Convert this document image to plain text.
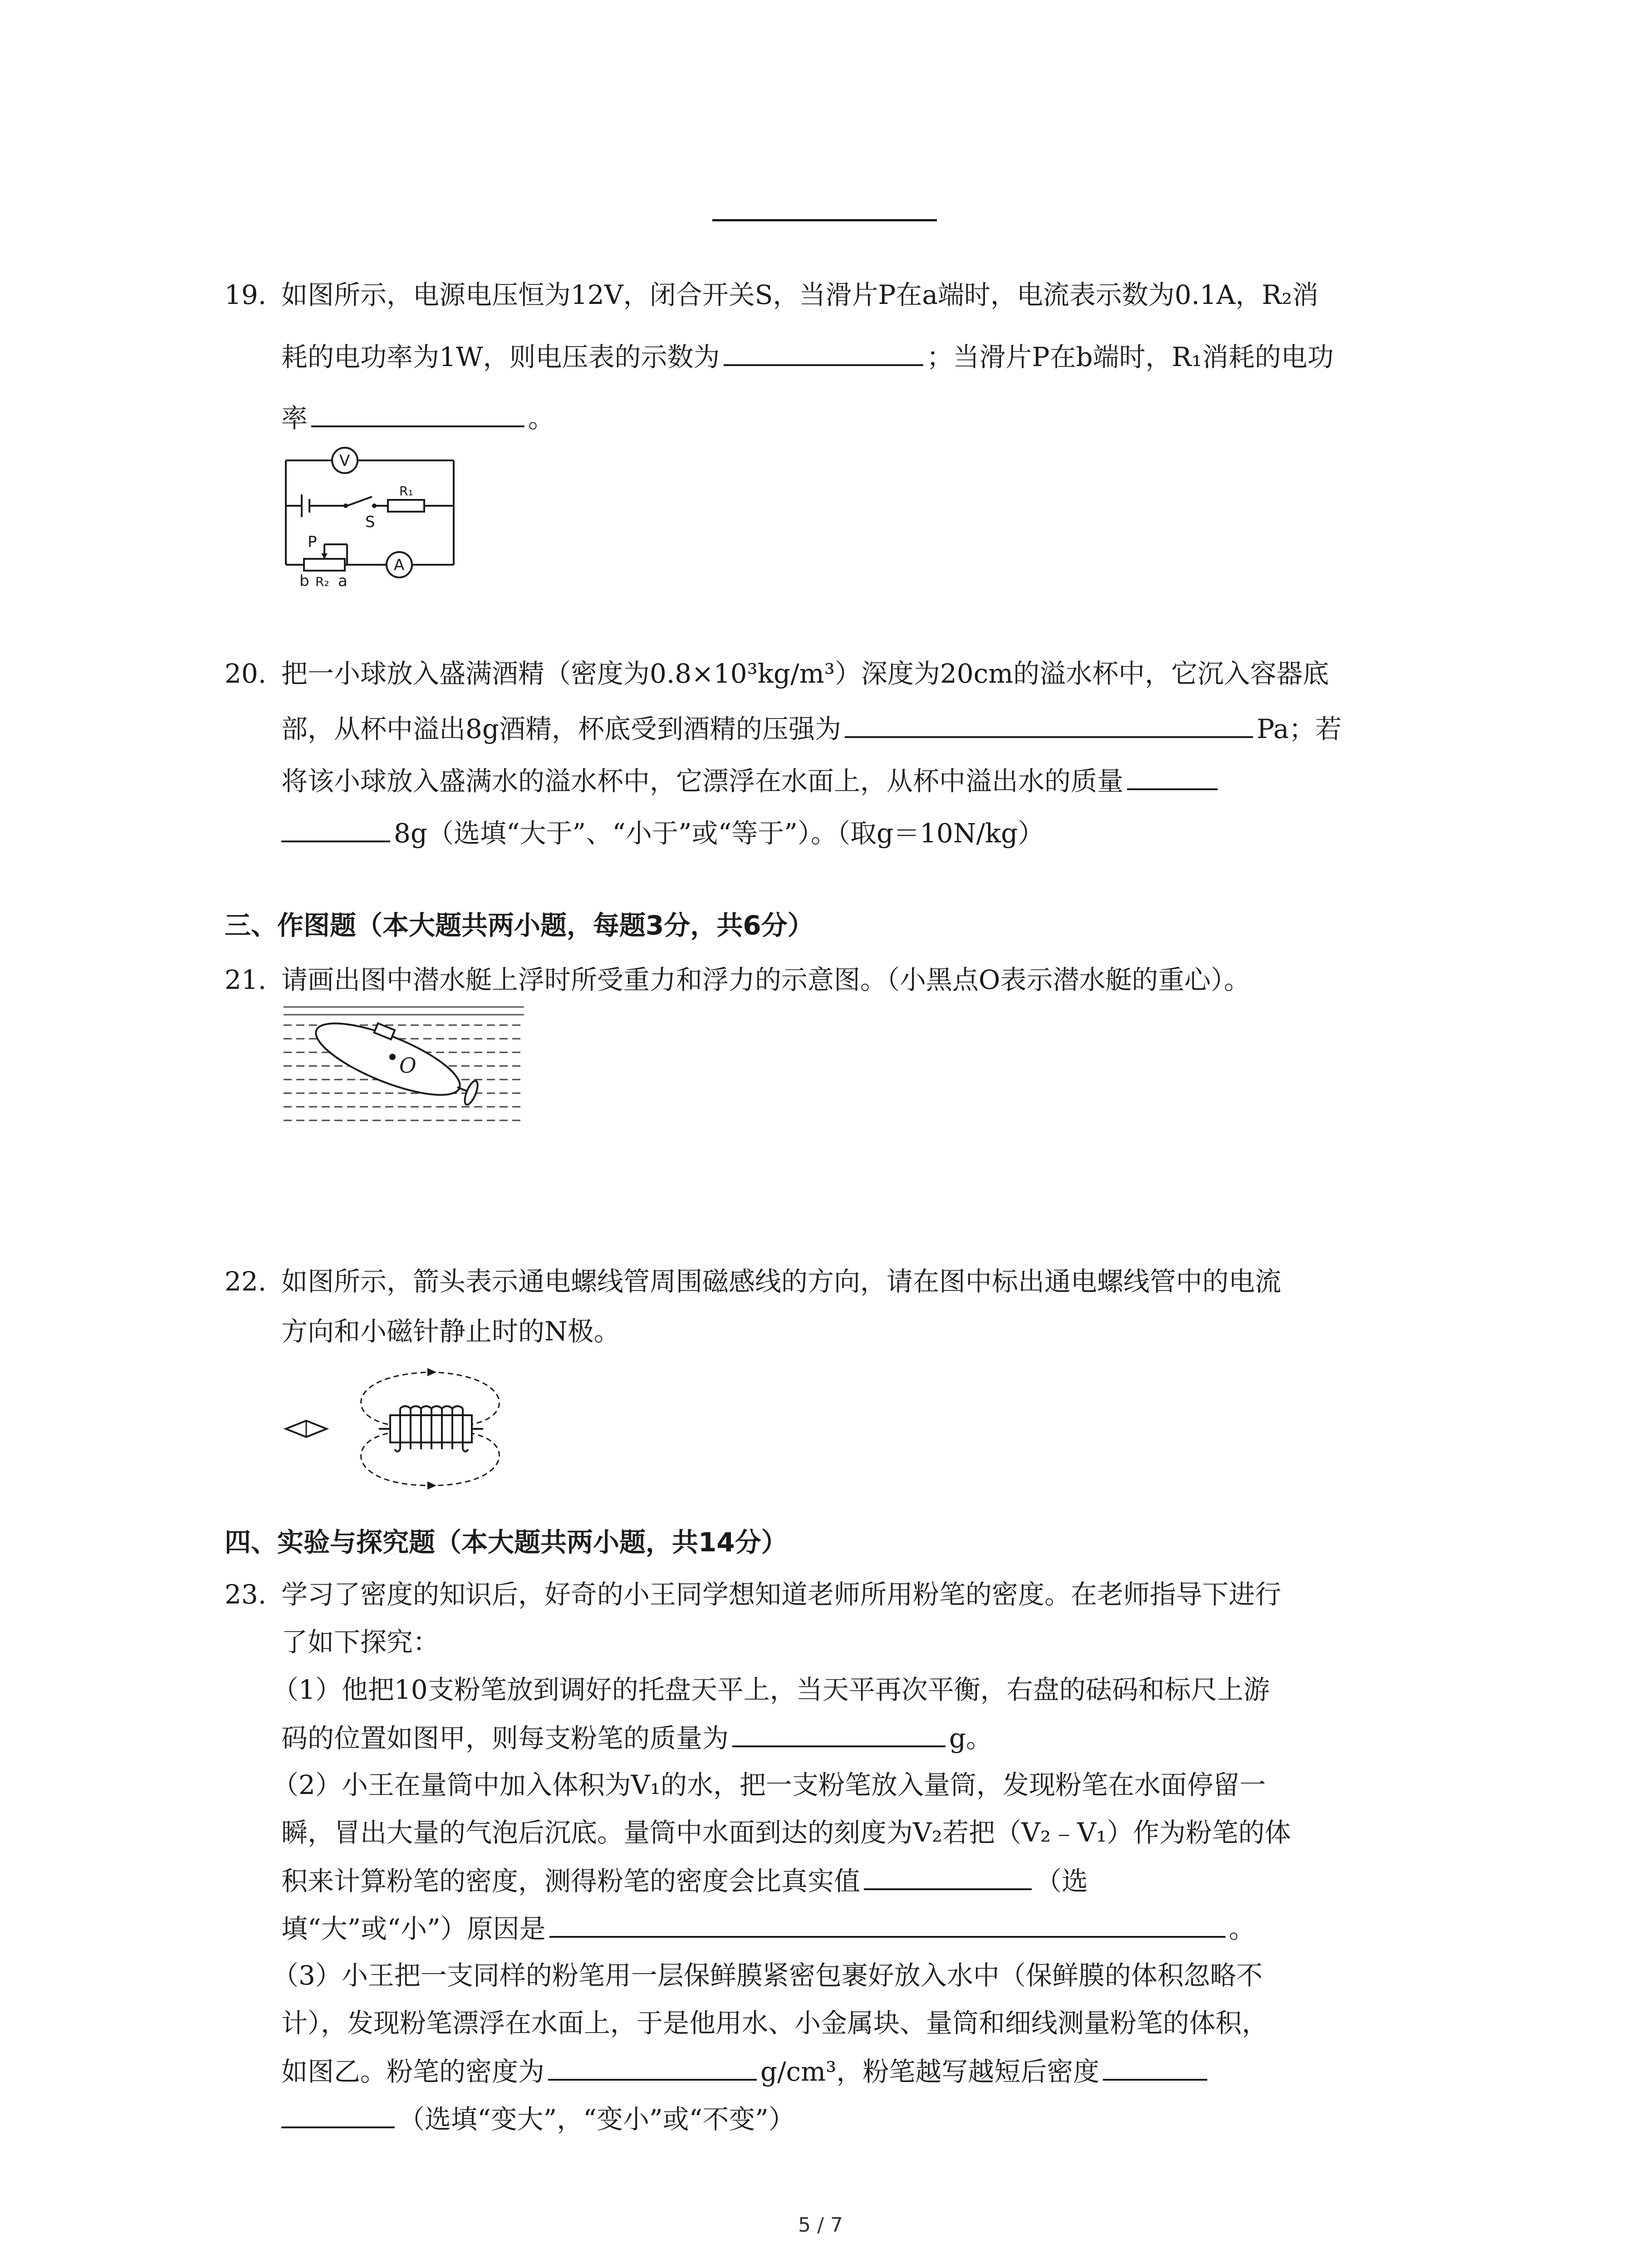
19. 如图所示，电源电压恒为12V，闭合开关S，当滑片P在a端时，电流表示数为0.1A，R₂消
耗的电功率为1W，则电压表的示数为	；当滑片P在b端时，R₁消耗的电功
率	。
V
A
S
R₁
P
b R₂ a
20. 把一小球放入盛满酒精（密度为0.8×10³kg/m³）深度为20cm的溢水杯中，它沉入容器底
部，从杯中溢出8g酒精，杯底受到酒精的压强为	Pa；若
将该小球放入盛满水的溢水杯中，它漂浮在水面上，从杯中溢出水的质量
8g（选填“大于”、“小于”或“等于”）。（取g＝10N/kg）
三、作图题（本大题共两小题，每题3分，共6分）
21. 请画出图中潜水艇上浮时所受重力和浮力的示意图。（小黑点O表示潜水艇的重心）。
O
22. 如图所示，箭头表示通电螺线管周围磁感线的方向，请在图中标出通电螺线管中的电流
方向和小磁针静止时的N极。
四、实验与探究题（本大题共两小题，共14分）
23. 学习了密度的知识后，好奇的小王同学想知道老师所用粉笔的密度。在老师指导下进行
了如下探究：
（1）他把10支粉笔放到调好的托盘天平上，当天平再次平衡，右盘的砝码和标尺上游
码的位置如图甲，则每支粉笔的质量为	g。
（2）小王在量筒中加入体积为V₁的水，把一支粉笔放入量筒，发现粉笔在水面停留一
瞬，冒出大量的气泡后沉底。量筒中水面到达的刻度为V₂若把（V₂﹣V₁）作为粉笔的体
积来计算粉笔的密度，测得粉笔的密度会比真实值	（选
填“大”或“小”）原因是	。
（3）小王把一支同样的粉笔用一层保鲜膜紧密包裹好放入水中（保鲜膜的体积忽略不
计），发现粉笔漂浮在水面上，于是他用水、小金属块、量筒和细线测量粉笔的体积，
如图乙。粉笔的密度为	g/cm³，粉笔越写越短后密度
（选填“变大”，“变小”或“不变”）
5 / 7
